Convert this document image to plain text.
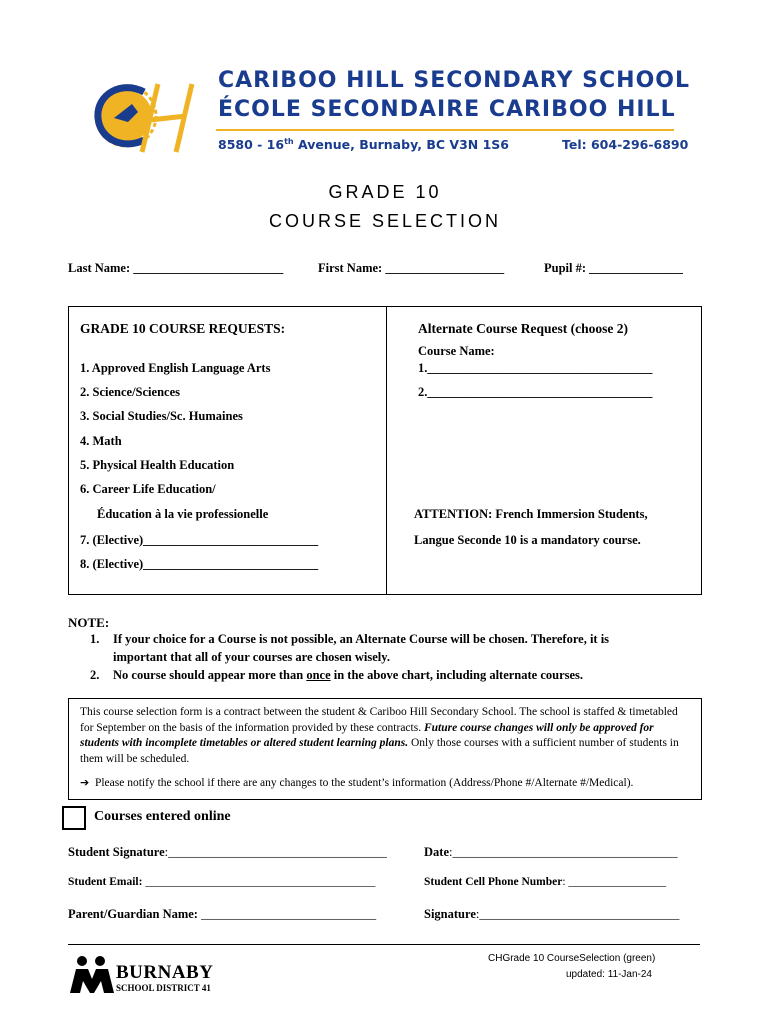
CARIBOO HILL SECONDARY SCHOOL
ÉCOLE SECONDAIRE CARIBOO HILL
8580 - 16th Avenue, Burnaby, BC V3N 1S6	Tel: 604-296-6890
GRADE 10
COURSE SELECTION
Last Name: ________________________	First Name: ___________________	Pupil #: _______________
GRADE 10 COURSE REQUESTS:
1. Approved English Language Arts
2. Science/Sciences
3. Social Studies/Sc. Humaines
4. Math
5. Physical Health Education
6. Career Life Education/
Éducation à la vie professionelle
7. (Elective)____________________________
8. (Elective)____________________________
Alternate Course Request (choose 2)
Course Name:
1.____________________________________
2.____________________________________
ATTENTION: French Immersion Students,
Langue Seconde 10 is a mandatory course.
NOTE:
1. If your choice for a Course is not possible, an Alternate Course will be chosen. Therefore, it is
important that all of your courses are chosen wisely.
2. No course should appear more than once in the above chart, including alternate courses.
This course selection form is a contract between the student & Cariboo Hill Secondary School. The school is staffed & timetabled for September on the basis of the information provided by these contracts. Future course changes will only be approved for students with incomplete timetables or altered student learning plans. Only those courses with a sufficient number of students in them will be scheduled.
➔ Please notify the school if there are any changes to the student’s information (Address/Phone #/Alternate #/Medical).
Courses entered online
Student Signature:___________________________________	Date:____________________________________
Student Email: ________________________________________	Student Cell Phone Number: _________________
Parent/Guardian Name: ____________________________	Signature:________________________________
BURNABY
SCHOOL DISTRICT 41
CHGrade 10 CourseSelection (green)
updated: 11-Jan-24
